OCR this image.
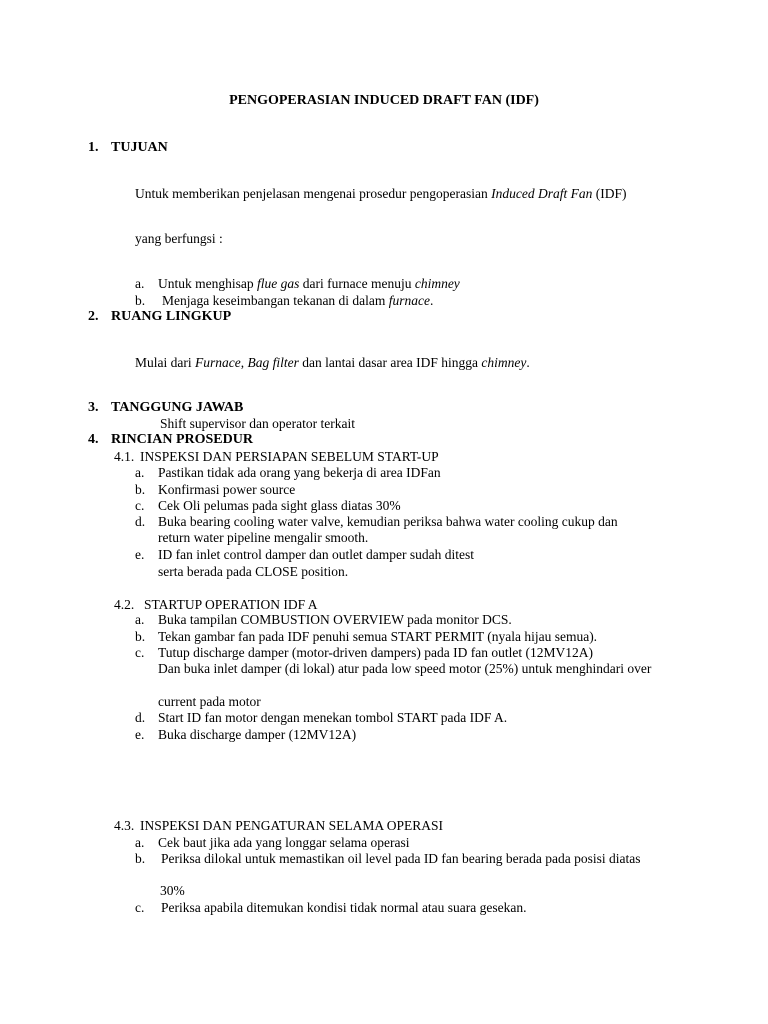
PENGOPERASIAN INDUCED DRAFT FAN (IDF)
1. TUJUAN
Untuk memberikan penjelasan mengenai prosedur pengoperasian Induced Draft Fan (IDF)
yang berfungsi :
a. Untuk menghisap flue gas dari furnace menuju chimney
b. Menjaga keseimbangan tekanan di dalam furnace.
2. RUANG LINGKUP
Mulai dari Furnace, Bag filter dan lantai dasar area IDF hingga chimney.
3. TANGGUNG JAWAB
Shift supervisor dan operator terkait
4. RINCIAN PROSEDUR
4.1. INSPEKSI DAN PERSIAPAN SEBELUM START-UP
a. Pastikan tidak ada orang yang bekerja di area IDFan
b. Konfirmasi power source
c. Cek Oli pelumas pada sight glass diatas 30%
d. Buka bearing cooling water valve, kemudian periksa bahwa water cooling cukup dan
return water pipeline mengalir smooth.
e. ID fan inlet control damper dan outlet damper sudah ditest
serta berada pada CLOSE position.
4.2. STARTUP OPERATION IDF A
a. Buka tampilan COMBUSTION OVERVIEW pada monitor DCS.
b. Tekan gambar fan pada IDF penuhi semua START PERMIT (nyala hijau semua).
c. Tutup discharge damper (motor-driven dampers) pada ID fan outlet (12MV12A)
Dan buka inlet damper (di lokal) atur pada low speed motor (25%) untuk menghindari over
current pada motor
d. Start ID fan motor dengan menekan tombol START pada IDF A.
e. Buka discharge damper (12MV12A)
4.3. INSPEKSI DAN PENGATURAN SELAMA OPERASI
a. Cek baut jika ada yang longgar selama operasi
b. Periksa dilokal untuk memastikan oil level pada ID fan bearing berada pada posisi diatas
30%
c. Periksa apabila ditemukan kondisi tidak normal atau suara gesekan.
